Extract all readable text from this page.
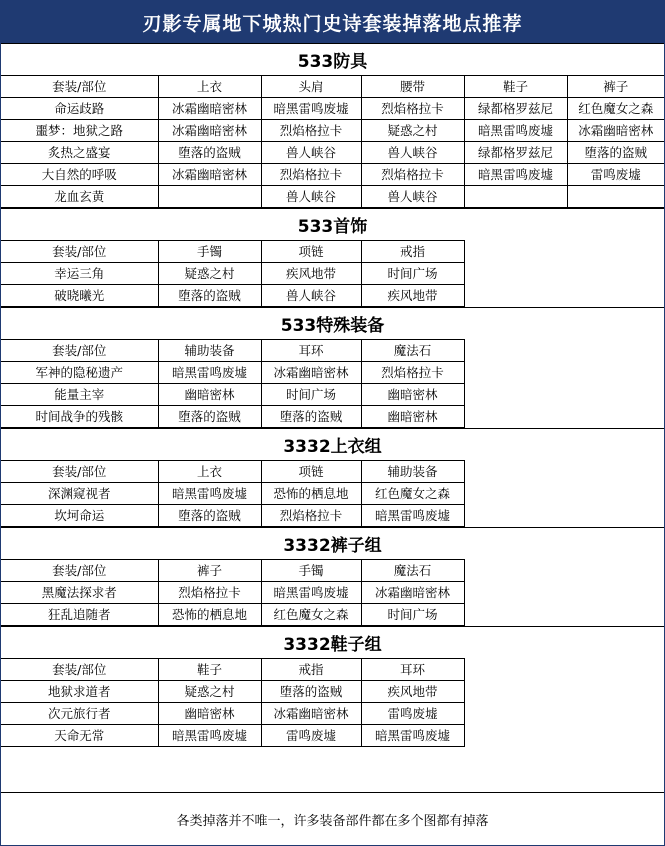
刃影专属地下城热门史诗套装掉落地点推荐
533防具
套装/部位	上衣	头肩	腰带	鞋子	裤子
命运歧路	冰霜幽暗密林	暗黑雷鸣废墟	烈焰格拉卡	绿都格罗兹尼	红色魔女之森
噩梦：地狱之路	冰霜幽暗密林	烈焰格拉卡	疑惑之村	暗黑雷鸣废墟	冰霜幽暗密林
炙热之盛宴	堕落的盗贼	兽人峡谷	兽人峡谷	绿都格罗兹尼	堕落的盗贼
大自然的呼吸	冰霜幽暗密林	烈焰格拉卡	烈焰格拉卡	暗黑雷鸣废墟	雷鸣废墟
龙血玄黄		兽人峡谷	兽人峡谷		
533首饰
套装/部位	手镯	项链	戒指		
幸运三角	疑惑之村	疾风地带	时间广场		
破晓曦光	堕落的盗贼	兽人峡谷	疾风地带		
533特殊装备
套装/部位	辅助装备	耳环	魔法石		
军神的隐秘遗产	暗黑雷鸣废墟	冰霜幽暗密林	烈焰格拉卡		
能量主宰	幽暗密林	时间广场	幽暗密林		
时间战争的残骸	堕落的盗贼	堕落的盗贼	幽暗密林		
3332上衣组
套装/部位	上衣	项链	辅助装备		
深渊窥视者	暗黑雷鸣废墟	恐怖的栖息地	红色魔女之森		
坎坷命运	堕落的盗贼	烈焰格拉卡	暗黑雷鸣废墟		
3332裤子组
套装/部位	裤子	手镯	魔法石		
黑魔法探求者	烈焰格拉卡	暗黑雷鸣废墟	冰霜幽暗密林		
狂乱追随者	恐怖的栖息地	红色魔女之森	时间广场		
3332鞋子组
套装/部位	鞋子	戒指	耳环		
地狱求道者	疑惑之村	堕落的盗贼	疾风地带		
次元旅行者	幽暗密林	冰霜幽暗密林	雷鸣废墟		
天命无常	暗黑雷鸣废墟	雷鸣废墟	暗黑雷鸣废墟		
各类掉落并不唯一，许多装备部件都在多个图都有掉落
